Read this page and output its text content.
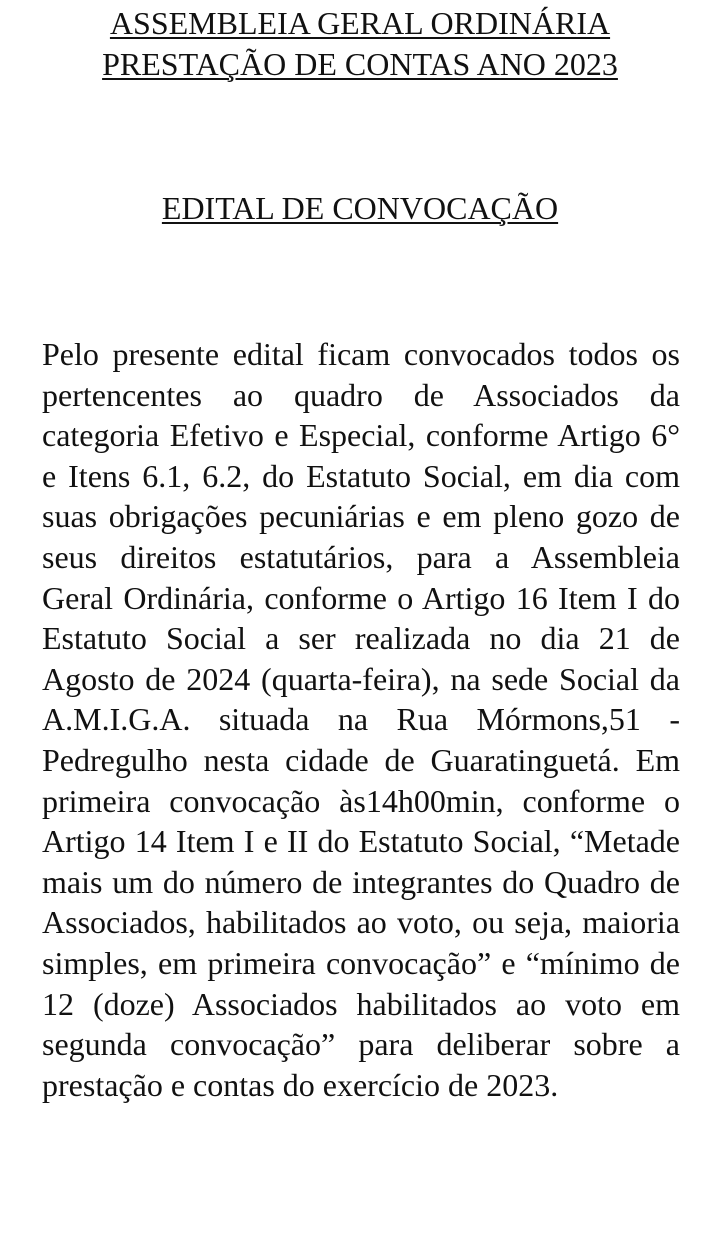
ASSEMBLEIA GERAL ORDINÁRIA
PRESTAÇÃO DE CONTAS ANO 2023
EDITAL DE CONVOCAÇÃO

Pelo presente edital ficam convocados todos os pertencentes ao quadro de Associados da categoria Efetivo e Especial, conforme Artigo 6° e Itens 6.1, 6.2, do Estatuto Social, em dia com suas obrigações pecuniárias e em pleno gozo de seus direitos estatutários, para a Assembleia Geral Ordinária, conforme o Artigo 16 Item I do Estatuto Social a ser realizada no dia 21 de Agosto de 2024 (quarta-feira), na sede Social da A.M.I.G.A. situada na Rua Mórmons,51 -Pedregulho nesta cidade de Guaratinguetá. Em primeira convocação às14h00min, conforme o Artigo 14 Item I e II do Estatuto Social, “Metade mais um do número de integrantes do Quadro de Associados, habilitados ao voto, ou seja, maioria simples, em primeira convocação” e “mínimo de 12 (doze) Associados habilitados ao voto em segunda convocação” para deliberar sobre a prestação e contas do exercício de 2023.
